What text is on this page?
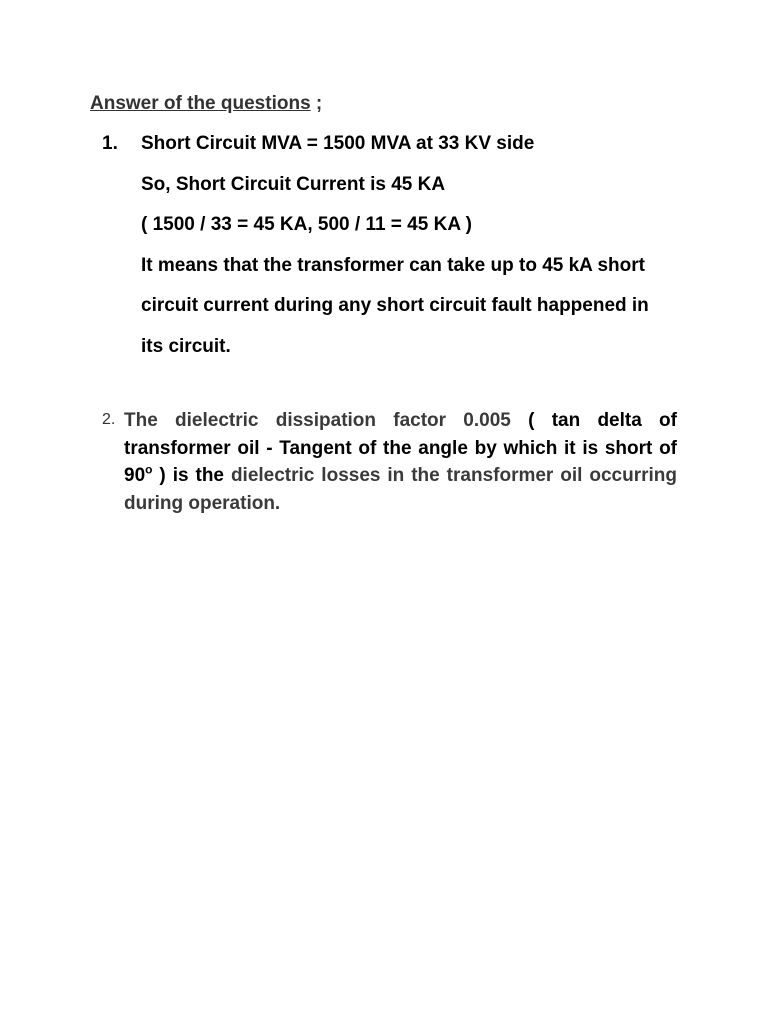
Answer of the questions ;
1. Short Circuit MVA = 1500 MVA at 33 KV side
So, Short Circuit Current is 45 KA
( 1500 / 33 = 45 KA, 500 / 11 = 45 KA )
It means that the transformer can take up to 45 kA short
circuit current during any short circuit fault happened in
its circuit.
2. The dielectric dissipation factor 0.005 ( tan delta of transformer oil - Tangent of the angle by which it is short of 90$^o$ ) is the dielectric losses in the transformer oil occurring during operation.
